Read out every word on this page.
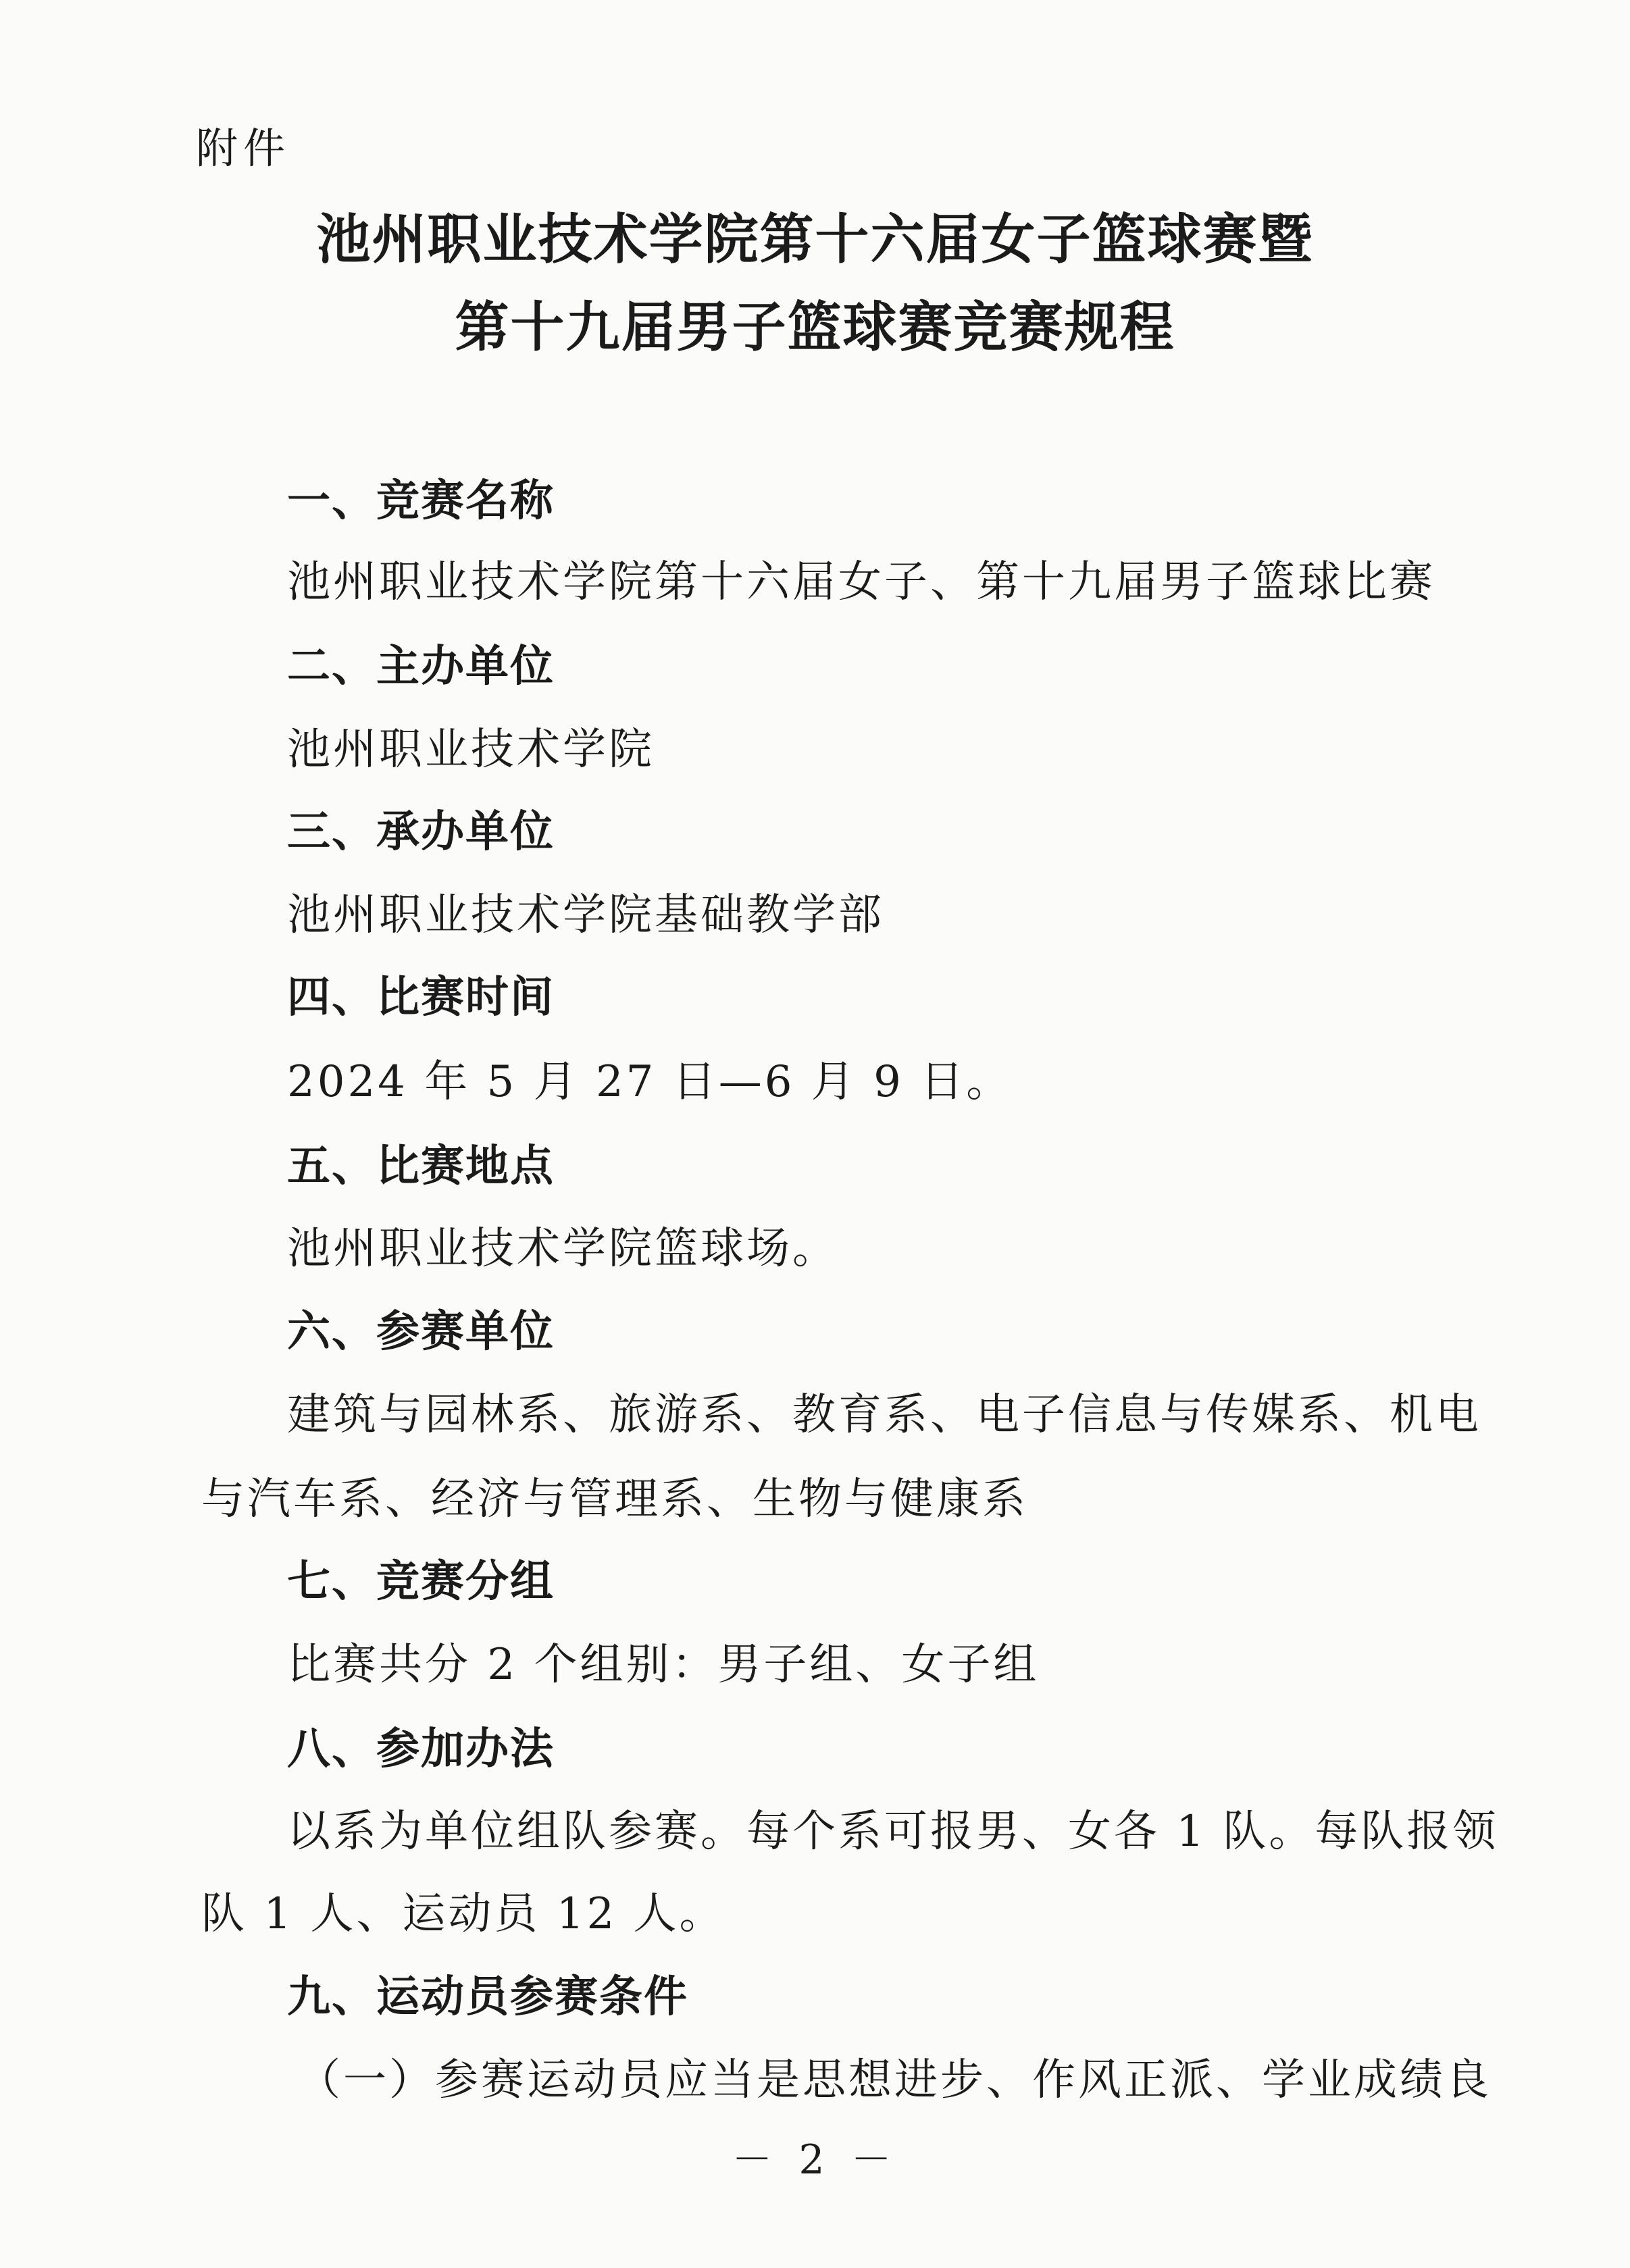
附件
池州职业技术学院第十六届女子篮球赛暨
第十九届男子篮球赛竞赛规程
一、竞赛名称
池州职业技术学院第十六届女子、第十九届男子篮球比赛
二、主办单位
池州职业技术学院
三、承办单位
池州职业技术学院基础教学部
四、比赛时间
2024 年 5 月 27 日—6 月 9 日。
五、比赛地点
池州职业技术学院篮球场。
六、参赛单位
建筑与园林系、旅游系、教育系、电子信息与传媒系、机电
与汽车系、经济与管理系、生物与健康系
七、竞赛分组
比赛共分 2 个组别：男子组、女子组
八、参加办法
以系为单位组队参赛。每个系可报男、女各 1 队。每队报领
队 1 人、运动员 12 人。
九、运动员参赛条件
（一）参赛运动员应当是思想进步、作风正派、学业成绩良
－ 2 －
